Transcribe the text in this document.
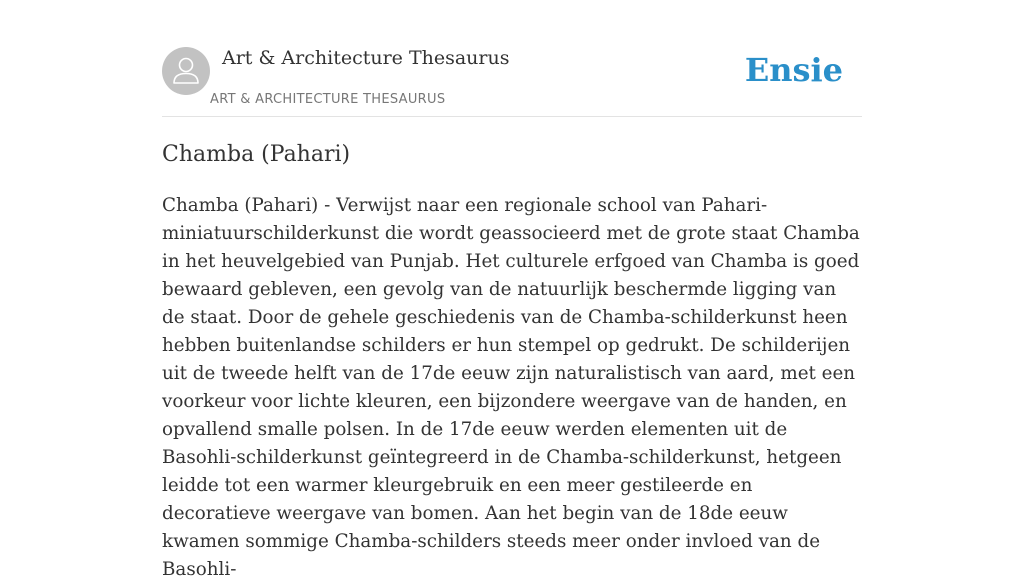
Art & Architecture Thesaurus
ART & ARCHITECTURE THESAURUS
Ensie
Chamba (Pahari)

Chamba (Pahari) - Verwijst naar een regionale school van Pahari-miniatuurschilderkunst die wordt geassocieerd met de grote staat Chamba in het heuvelgebied van Punjab. Het culturele erfgoed van Chamba is goed bewaard gebleven, een gevolg van de natuurlijk beschermde ligging van de staat. Door de gehele geschiedenis van de Chamba-schilderkunst heen hebben buitenlandse schilders er hun stempel op gedrukt. De schilderijen uit de tweede helft van de 17de eeuw zijn naturalistisch van aard, met een voorkeur voor lichte kleuren, een bijzondere weergave van de handen, en opvallend smalle polsen. In de 17de eeuw werden elementen uit de Basohli-schilderkunst geïntegreerd in de Chamba-schilderkunst, hetgeen leidde tot een warmer kleurgebruik en een meer gestileerde en decoratieve weergave van bomen. Aan het begin van de 18de eeuw kwamen sommige Chamba-schilders steeds meer onder invloed van de Basohli-
